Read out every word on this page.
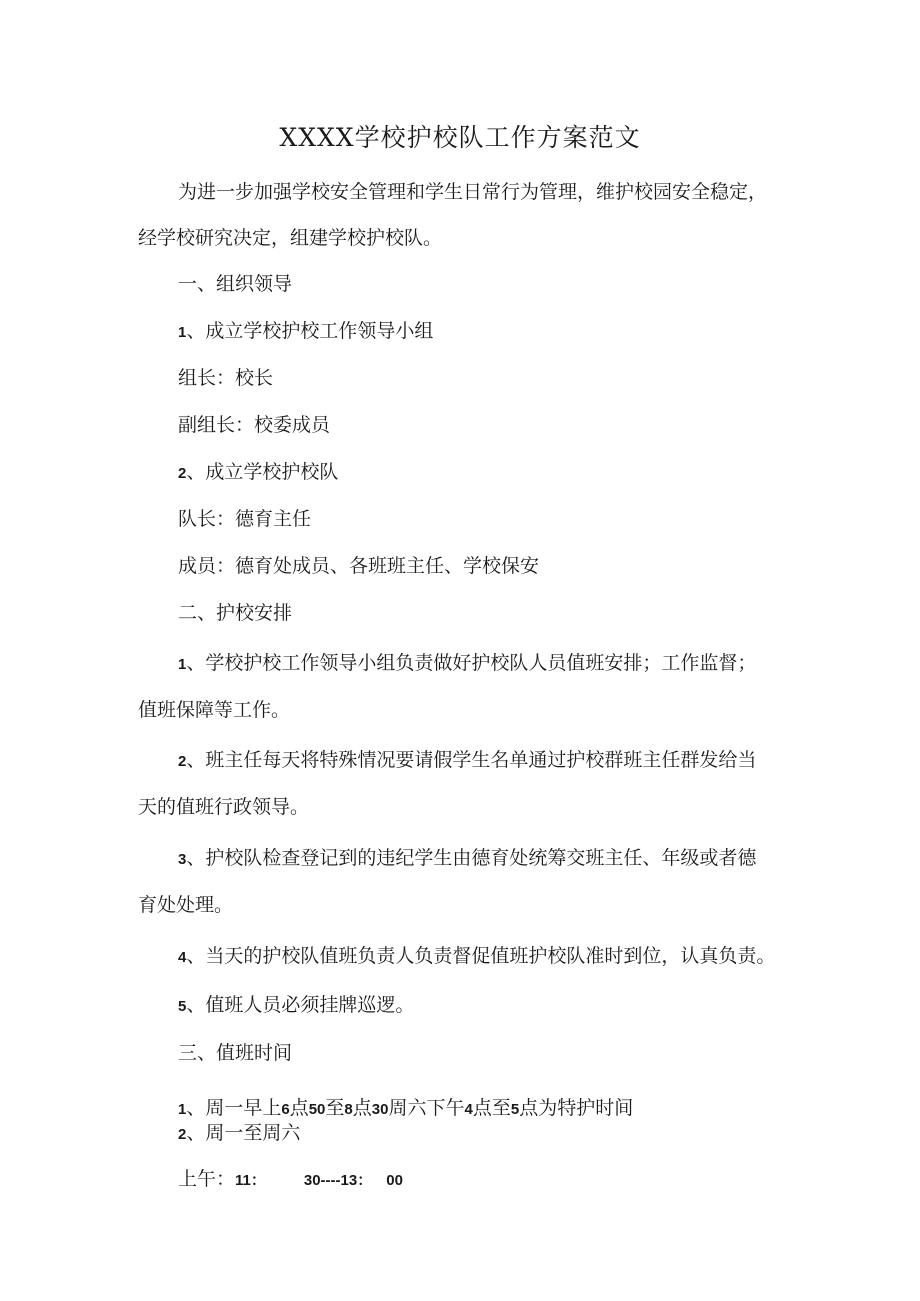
XXXX学校护校队工作方案范文
为进一步加强学校安全管理和学生日常行为管理，维护校园安全稳定，
经学校研究决定，组建学校护校队。
一、组织领导
1、成立学校护校工作领导小组
组长：校长
副组长：校委成员
2、成立学校护校队
队长：德育主任
成员：德育处成员、各班班主任、学校保安
二、护校安排
1、学校护校工作领导小组负责做好护校队人员值班安排；工作监督；
值班保障等工作。
2、班主任每天将特殊情况要请假学生名单通过护校群班主任群发给当
天的值班行政领导。
3、护校队检查登记到的违纪学生由德育处统筹交班主任、年级或者德
育处处理。
4、当天的护校队值班负责人负责督促值班护校队准时到位，认真负责。
5、值班人员必须挂牌巡逻。
三、值班时间
1、周一早上6点50至8点30周六下午4点至5点为特护时间
2、周一至周六
上午：11：	30----13： 00
